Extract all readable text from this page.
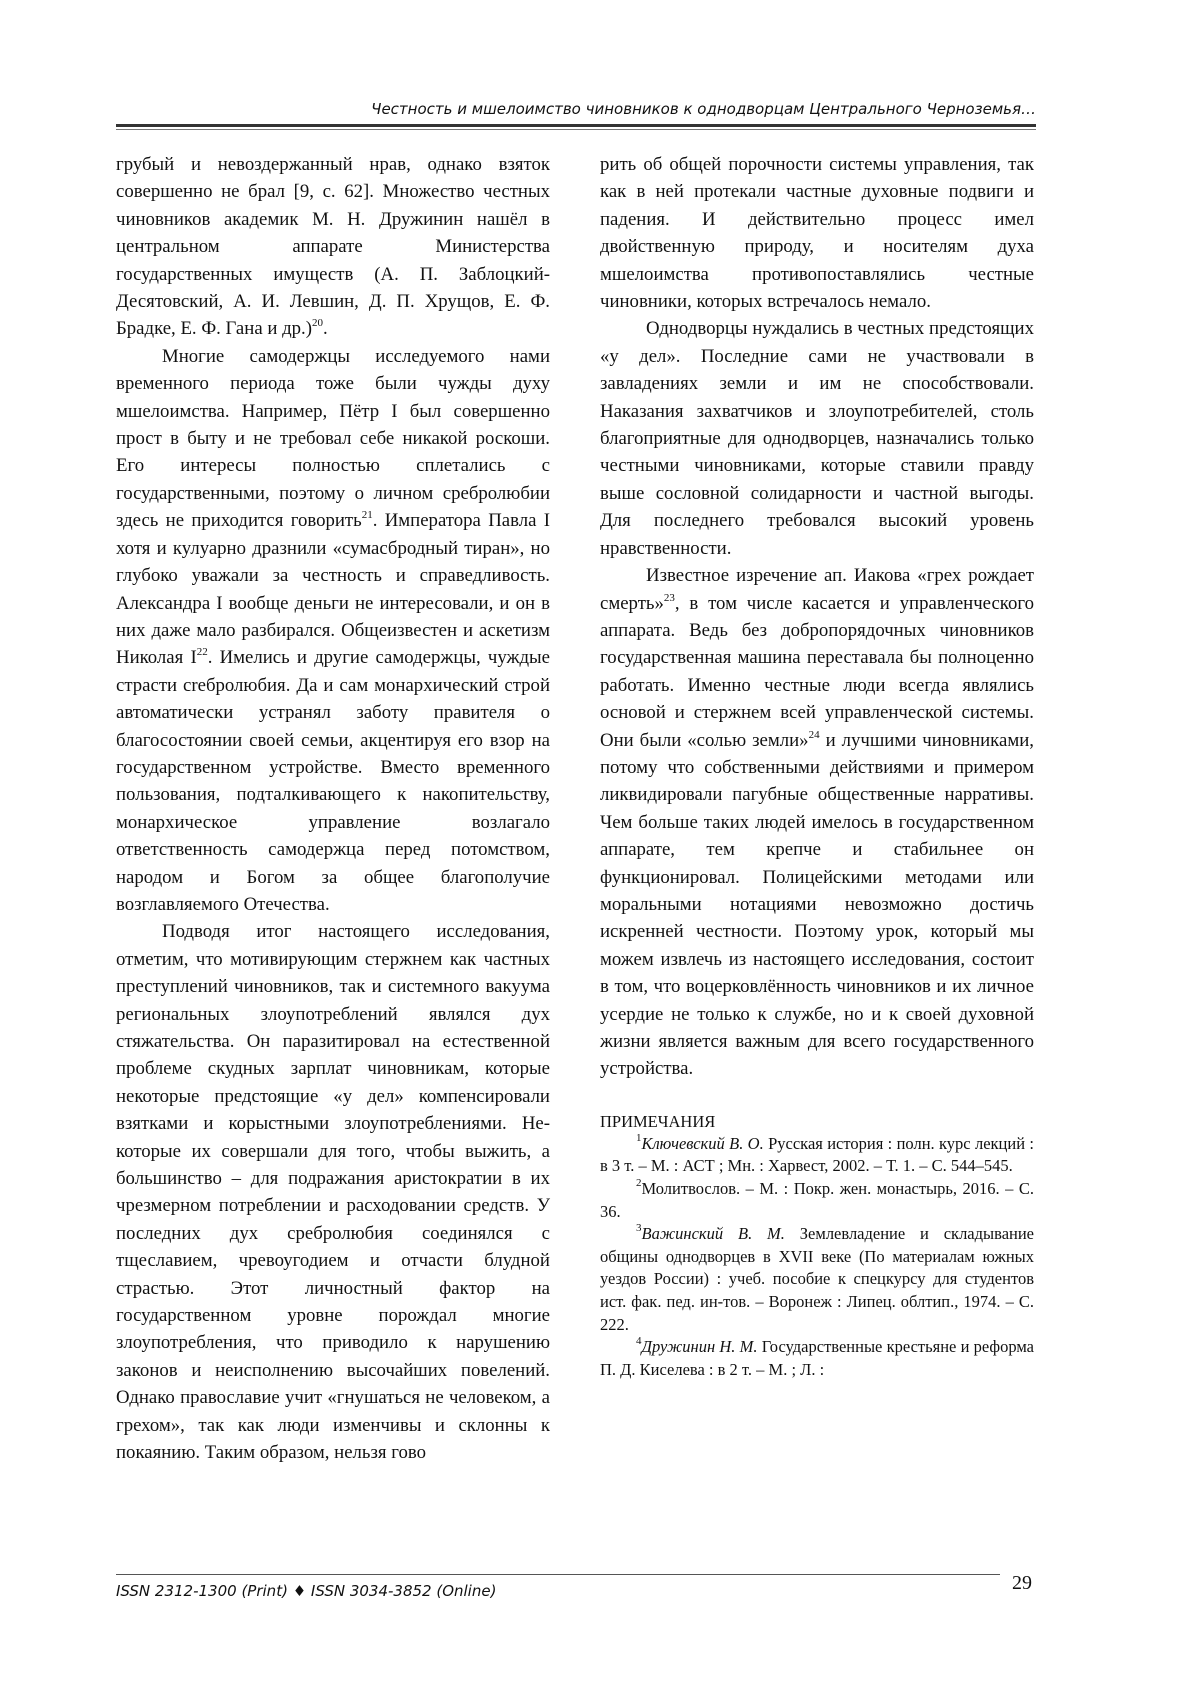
Честность и мшелоимство чиновников к однодворцам Центрального Черноземья…

грубый и невоздержанный нрав, однако взяток совершенно не брал [9, с. 62]. Множество честных чиновников академик М. Н. Дружинин нашёл в центральном аппарате Министерства государственных имуществ (А. П. Заблоцкий-Десятовский, А. И. Левшин, Д. П. Хрущов, Е. Ф. Брадке, Е. Ф. Гана и др.)$^{20}$.

Многие самодержцы исследуемого нами временного периода тоже были чужды духу мшелоимства. Например, Пётр I был совершенно прост в быту и не требовал себе никакой роскоши. Его интересы полностью сплетались с государственными, поэтому о личном сребролюбии здесь не приходится говорить$^{21}$. Императора Павла I хотя и кулуарно дразнили «сумасбродный тиран», но глубоко уважали за честность и справедливость. Александра I вообще деньги не интересовали, и он в них даже мало разбирался. Общеизвестен и аскетизм Николая $I^{22}$. Имелись и другие самодержцы, чуждые страсти сreбролюбия. Да и сам монархический строй автоматически устранял заботу правителя о благосостоянии своей семьи, акцентируя его взор на государственном устройстве. Вместо временного пользования, подталкивающего к накопительству, монархическое управление возлагало ответственность самодержца перед потомством, народом и Богом за общее благополучие возглавляемого Отечества.

Подводя итог настоящего исследования, отметим, что мотивирующим стержнем как частных преступлений чиновников, так и системного вакуума региональных злоупотреблений являлся дух стяжательства. Он паразитировал на естественной проблеме скудных зарплат чиновникам, которые некоторые предстоящие «у дел» компенсировали взятками и корыстными злоупотреблениями. Некоторые их совершали для того, чтобы выжить, а большинство – для подражания аристократии в их чрезмерном потреблении и расходовании средств. У последних дух сребролюбия соединялся с тщеславием, чревоугодием и отчасти блудной страстью. Этот личностный фактор на государственном уровне порождал многие злоупотребления, что приводило к нарушению законов и неисполнению высочайших повелений. Однако православие учит «гнушаться не человеком, а грехом», так как люди изменчивы и склонны к покаянию. Таким образом, нельзя гово

рить об общей порочности системы управления, так как в ней протекали частные духовные подвиги и падения. И действительно процесс имел двойственную природу, и носителям духа мшелоимства противопоставлялись честные чиновники, которых встречалось немало.

Однодворцы нуждались в честных предстоящих «у дел». Последние сами не участвовали в завладениях земли и им не способствовали. Наказания захватчиков и злоупотребителей, столь благоприятные для однодворцев, назначались только честными чиновниками, которые ставили правду выше сословной солидарности и частной выгоды. Для последнего требовался высокий уровень нравственности.

Известное изречение ап. Иакова «грех рождает смерть»$^{23}$, в том числе касается и управленческого аппарата. Ведь без добропорядочных чиновников государственная машина переставала бы полноценно работать. Именно честные люди всегда являлись основой и стержнем всей управленческой системы. Они были «солью земли»$^{24}$ и лучшими чиновниками, потому что собственными действиями и примером ликвидировали пагубные общественные нарративы. Чем больше таких людей имелось в государственном аппарате, тем крепче и стабильнее он функционировал. Полицейскими методами или моральными нотациями невозможно достичь искренней честности. Поэтому урок, который мы можем извлечь из настоящего исследования, состоит в том, что воцерковлённость чиновников и их личное усердие не только к службе, но и к своей духовной жизни является важным для всего государственного устройства.

ПРИМЕЧАНИЯ

$^1$Ключевский В. О. Русская история : полн. курс лекций : в 3 т. – М. : АСТ ; Мн. : Харвест, 2002. – Т. 1. – С. 544–545.

$^2$Молитвослов. – М. : Покр. жен. монастырь, 2016. – С. 36.

$^3$Важинский В. М. Землевладение и складывание общины однодворцев в XVII веке (По материалам южных уездов России) : учеб. пособие к спецкурсу для студентов ист. фак. пед. ин-тов. – Воронеж : Липец. облтип., 1974. – С. 222.

$^4$Дружинин Н. М. Государственные крестьяне и реформа П. Д. Киселева : в 2 т. – М. ; Л. :

ISSN 2312-1300 (Print) ♦ ISSN 3034-3852 (Online)	29
